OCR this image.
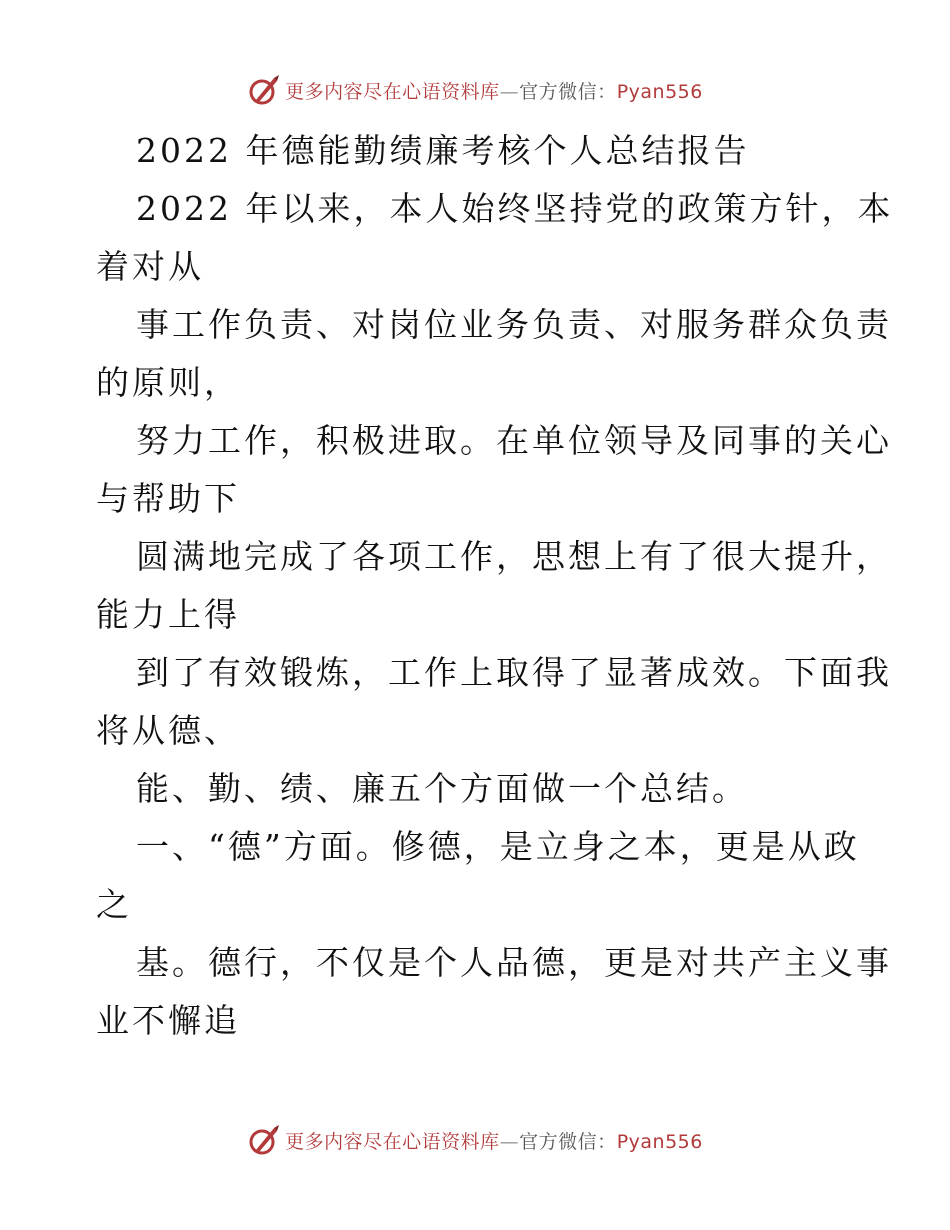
更多内容尽在心语资料库—官方微信：Pyan556
2022 年德能勤绩廉考核个人总结报告
2022 年以来，本人始终坚持党的政策方针，本
着对从
事工作负责、对岗位业务负责、对服务群众负责
的原则，
努力工作，积极进取。在单位领导及同事的关心
与帮助下
圆满地完成了各项工作，思想上有了很大提升，
能力上得
到了有效锻炼，工作上取得了显著成效。下面我
将从德、
能、勤、绩、廉五个方面做一个总结。
一、“德”方面。修德，是立身之本，更是从政
之
基。德行，不仅是个人品德，更是对共产主义事
业不懈追
更多内容尽在心语资料库—官方微信：Pyan556
